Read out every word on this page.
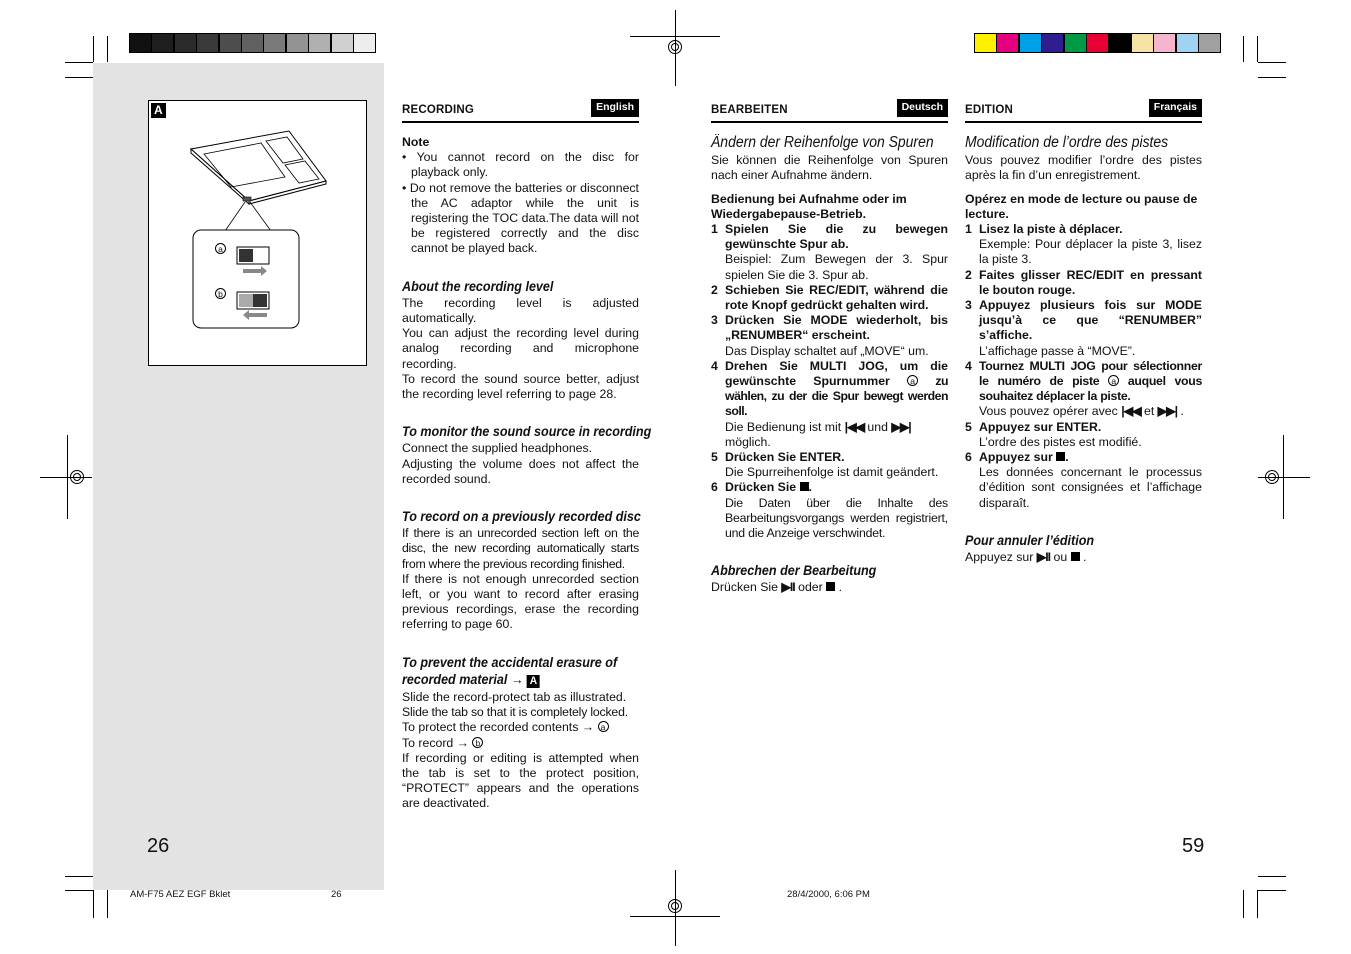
A
a
b
RECORDING	English
Note
• You cannot record on the disc for playback only.
• Do not remove the batteries or disconnect the AC adaptor while the unit is registering the TOC data.The data will not be registered correctly and the disc cannot be played back.
About the recording level
The recording level is adjusted automatically.
You can adjust the recording level during analog recording and microphone recording.
To record the sound source better, adjust the recording level referring to page 28.
To monitor the sound source in recording
Connect the supplied headphones.
Adjusting the volume does not affect the recorded sound.
To record on a previously recorded disc
If there is an unrecorded section left on the disc, the new recording automatically starts from where the previous recording finished.
If there is not enough unrecorded section left, or you want to record after erasing previous recordings, erase the recording referring to page 60.
To prevent the accidental erasure of
recorded material → A
Slide the record-protect tab as illustrated.
Slide the tab so that it is completely locked.
To protect the recorded contents → a
To record → b
If recording or editing is attempted when the tab is set to the protect position, “PROTECT” appears and the operations are deactivated.
BEARBEITEN	Deutsch
Ändern der Reihenfolge von Spuren
Sie können die Reihenfolge von Spuren nach einer Aufnahme ändern.
Bedienung bei Aufnahme oder im Wiedergabepause-Betrieb.
1 Spielen Sie die zu bewegen gewünschte Spur ab.
Beispiel: Zum Bewegen der 3. Spur spielen Sie die 3. Spur ab.
2 Schieben Sie REC/EDIT, während die rote Knopf gedrückt gehalten wird.
3 Drücken Sie MODE wiederholt, bis „RENUMBER“ erscheint.
Das Display schaltet auf „MOVE“ um.
4 Drehen Sie MULTI JOG, um die gewünschte Spurnummer a zu wählen, zu der die Spur bewegt werden soll.
Die Bedienung ist mit |◀◀ und ▶▶|
möglich.
5 Drücken Sie ENTER.
Die Spurreihenfolge ist damit geändert.
6 Drücken Sie .
Die Daten über die Inhalte des Bearbeitungsvorgangs werden registriert, und die Anzeige verschwindet.
Abbrechen der Bearbeitung
Drücken Sie ▶II oder  .
EDITION	Français
Modification de l’ordre des pistes
Vous pouvez modifier l’ordre des pistes après la fin d’un enregistrement.
Opérez en mode de lecture ou pause de lecture.
1 Lisez la piste à déplacer.
Exemple: Pour déplacer la piste 3, lisez la piste 3.
2 Faites glisser REC/EDIT en pressant le bouton rouge.
3 Appuyez plusieurs fois sur MODE jusqu’à ce que “RENUMBER” s’affiche.
L’affichage passe à “MOVE”.
4 Tournez MULTI JOG pour sélectionner le numéro de piste a auquel vous souhaitez déplacer la piste.
Vous pouvez opérer avec |◀◀ et ▶▶| .
5 Appuyez sur ENTER.
L’ordre des pistes est modifié.
6 Appuyez sur .
Les données concernant le processus d’édition sont consignées et l’affichage disparaît.
Pour annuler l’édition
Appuyez sur ▶II ou  .
26	59
AM-F75 AEZ EGF Bklet	26	28/4/2000, 6:06 PM
